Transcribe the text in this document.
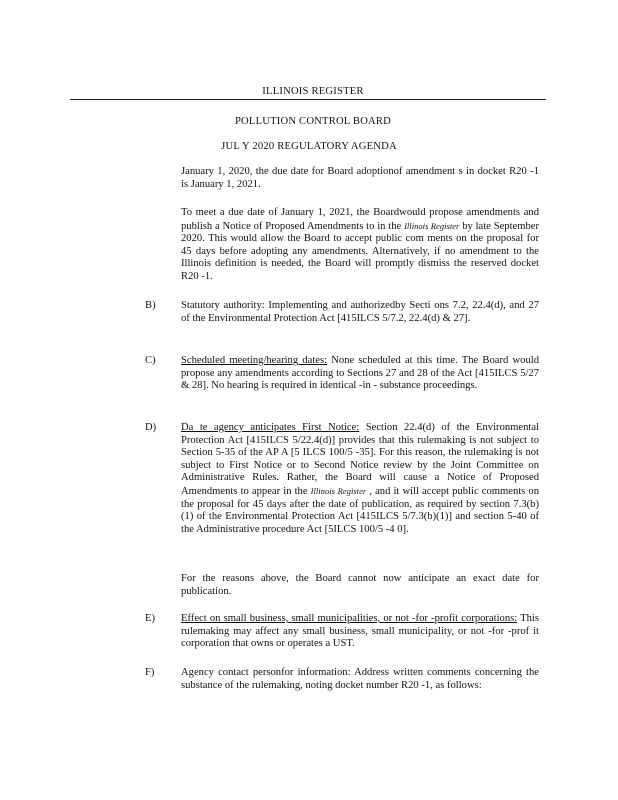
ILLINOIS REGISTER
POLLUTION CONTROL BOARD
JUL Y 2020 REGULATORY AGENDA
January 1, 2020, the due date for Board adoptionof amendment s in docket R20 -1 is January 1, 2021.
To meet a due date of January 1, 2021, the Boardwould propose amendments and publish a Notice of Proposed Amendments to in the Illinois Register by late September 2020. This would allow the Board to accept public com ments on the proposal for 45 days before adopting any amendments. Alternatively, if no amendment to the Illinois definition is needed, the Board will promptly dismiss the reserved docket R20 -1.
B) Statutory authority: Implementing and authorizedby Secti ons 7.2, 22.4(d), and 27 of the Environmental Protection Act [415ILCS 5/7.2, 22.4(d) & 27].
C) Scheduled meeting/hearing dates: None scheduled at this time. The Board would propose any amendments according to Sections 27 and 28 of the Act [415ILCS 5/27 & 28]. No hearing is required in identical -in - substance proceedings.
D) Da te agency anticipates First Notice: Section 22.4(d) of the Environmental Protection Act [415ILCS 5/22.4(d)] provides that this rulemaking is not subject to Section 5-35 of the AP A [5 ILCS 100/5 -35]. For this reason, the rulemaking is not subject to First Notice or to Second Notice review by the Joint Committee on Administrative Rules. Rather, the Board will cause a Notice of Proposed Amendments to appear in the Illinois Register , and it will accept public comments on the proposal for 45 days after the date of publication, as required by section 7.3(b)(1) of the Environmental Protection Act [415ILCS 5/7.3(b)(1)] and section 5-40 of the Administrative procedure Act [5ILCS 100/5 -4 0].
For the reasons above, the Board cannot now anticipate an exact date for publication.
E) Effect on small business, small municipalities, or not -for -profit corporations: This rulemaking may affect any small business, small municipality, or not -for -prof it corporation that owns or operates a UST.
F)	Agency contact personfor information: Address written comments concerning the substance of the rulemaking, noting docket number R20 -1, as follows:
